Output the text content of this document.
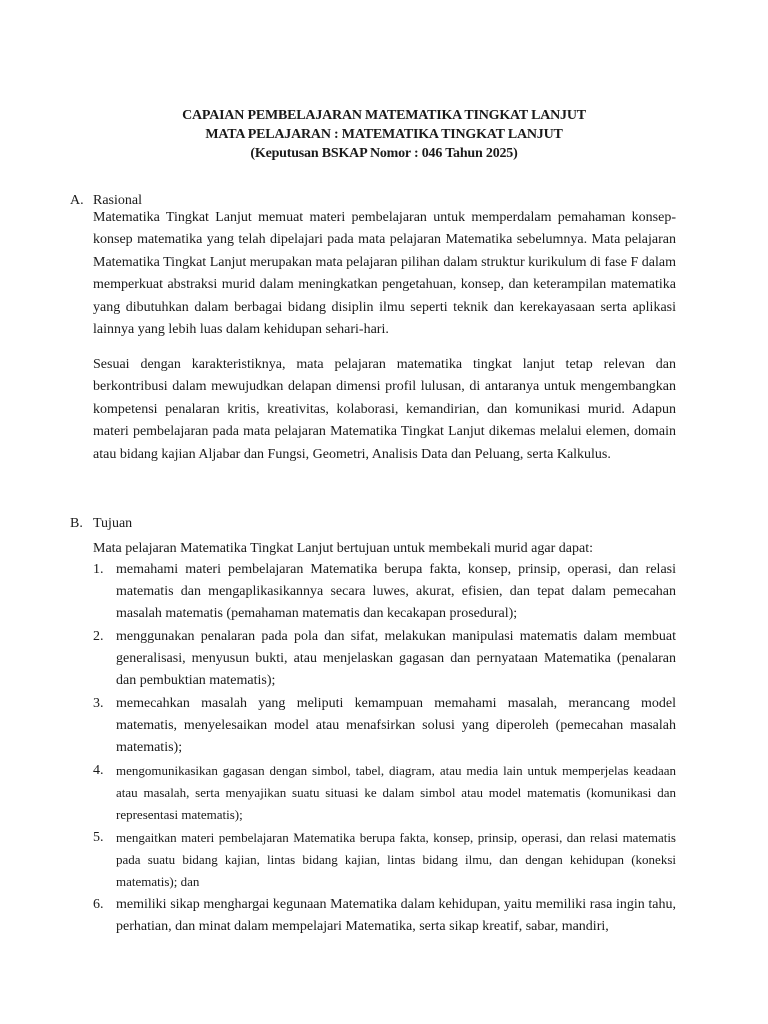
CAPAIAN PEMBELAJARAN MATEMATIKA TINGKAT LANJUT
MATA PELAJARAN : MATEMATIKA TINGKAT LANJUT
(Keputusan BSKAP Nomor : 046 Tahun 2025)
A. Rasional

Matematika Tingkat Lanjut memuat materi pembelajaran untuk memperdalam pemahaman konsep-konsep matematika yang telah dipelajari pada mata pelajaran Matematika sebelumnya. Mata pelajaran Matematika Tingkat Lanjut merupakan mata pelajaran pilihan dalam struktur kurikulum di fase F dalam memperkuat abstraksi murid dalam meningkatkan pengetahuan, konsep, dan keterampilan matematika yang dibutuhkan dalam berbagai bidang disiplin ilmu seperti teknik dan kerekayasaan serta aplikasi lainnya yang lebih luas dalam kehidupan sehari-hari.

Sesuai dengan karakteristiknya, mata pelajaran matematika tingkat lanjut tetap relevan dan berkontribusi dalam mewujudkan delapan dimensi profil lulusan, di antaranya untuk mengembangkan kompetensi penalaran kritis, kreativitas, kolaborasi, kemandirian, dan komunikasi murid. Adapun materi pembelajaran pada mata pelajaran Matematika Tingkat Lanjut dikemas melalui elemen, domain atau bidang kajian Aljabar dan Fungsi, Geometri, Analisis Data dan Peluang, serta Kalkulus.

B. Tujuan
Mata pelajaran Matematika Tingkat Lanjut bertujuan untuk membekali murid agar dapat:
1. memahami materi pembelajaran Matematika berupa fakta, konsep, prinsip, operasi, dan relasi matematis dan mengaplikasikannya secara luwes, akurat, efisien, dan tepat dalam pemecahan masalah matematis (pemahaman matematis dan kecakapan prosedural);
2. menggunakan penalaran pada pola dan sifat, melakukan manipulasi matematis dalam membuat generalisasi, menyusun bukti, atau menjelaskan gagasan dan pernyataan Matematika (penalaran dan pembuktian matematis);
3. memecahkan masalah yang meliputi kemampuan memahami masalah, merancang model matematis, menyelesaikan model atau menafsirkan solusi yang diperoleh (pemecahan masalah matematis);
4. mengomunikasikan gagasan dengan simbol, tabel, diagram, atau media lain untuk memperjelas keadaan atau masalah, serta menyajikan suatu situasi ke dalam simbol atau model matematis (komunikasi dan representasi matematis);
5. mengaitkan materi pembelajaran Matematika berupa fakta, konsep, prinsip, operasi, dan relasi matematis pada suatu bidang kajian, lintas bidang kajian, lintas bidang ilmu, dan dengan kehidupan (koneksi matematis); dan
6. memiliki sikap menghargai kegunaan Matematika dalam kehidupan, yaitu memiliki rasa ingin tahu, perhatian, dan minat dalam mempelajari Matematika, serta sikap kreatif, sabar, mandiri,
